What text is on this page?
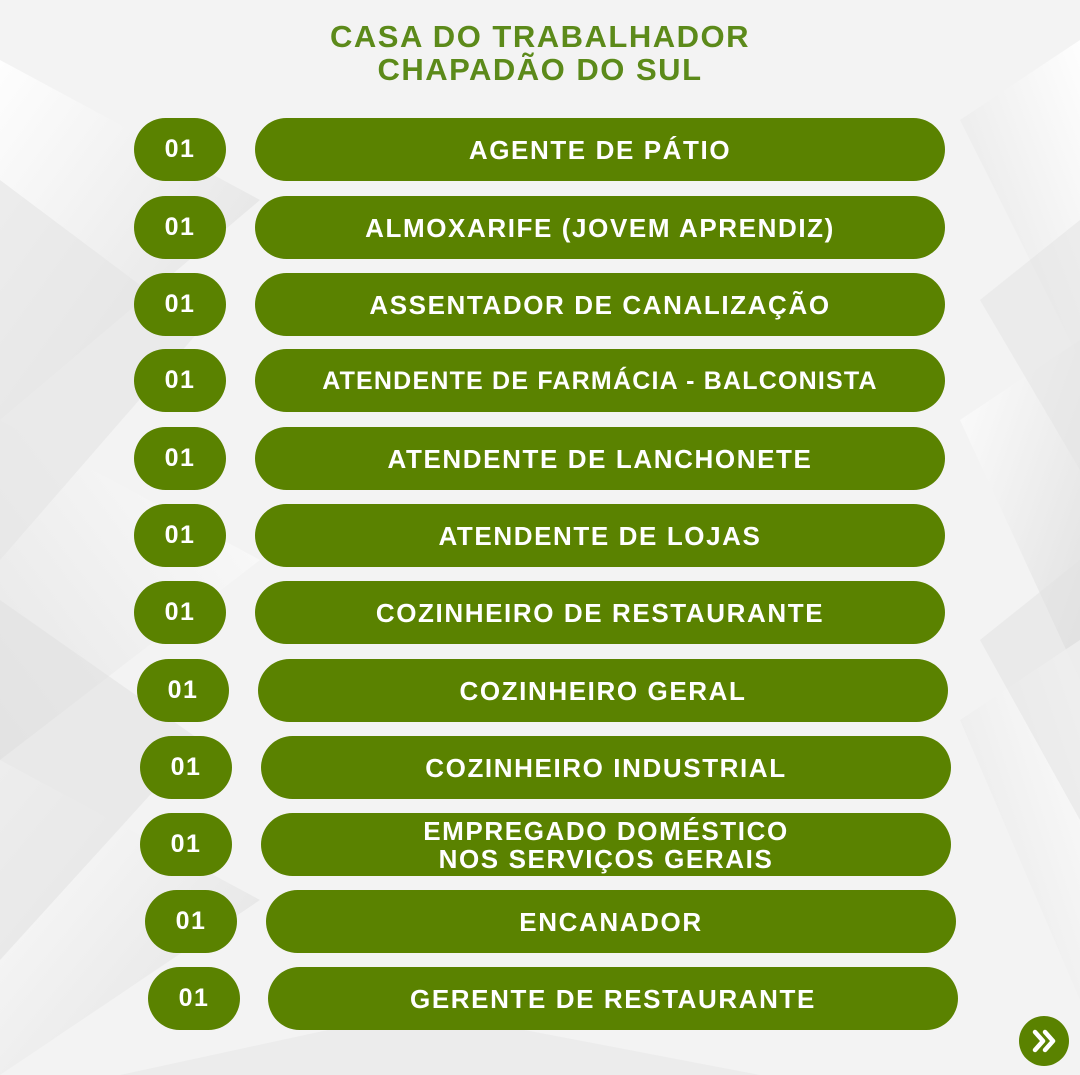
CASA DO TRABALHADOR
CHAPADÃO DO SUL
01	AGENTE DE PÁTIO
01	ALMOXARIFE (JOVEM APRENDIZ)
01	ASSENTADOR DE CANALIZAÇÃO
01	ATENDENTE DE FARMÁCIA - BALCONISTA
01	ATENDENTE DE LANCHONETE
01	ATENDENTE DE LOJAS
01	COZINHEIRO DE RESTAURANTE
01	COZINHEIRO GERAL
01	COZINHEIRO INDUSTRIAL
01	EMPREGADO DOMÉSTICO
NOS SERVIÇOS GERAIS
01	ENCANADOR
01	GERENTE DE RESTAURANTE
